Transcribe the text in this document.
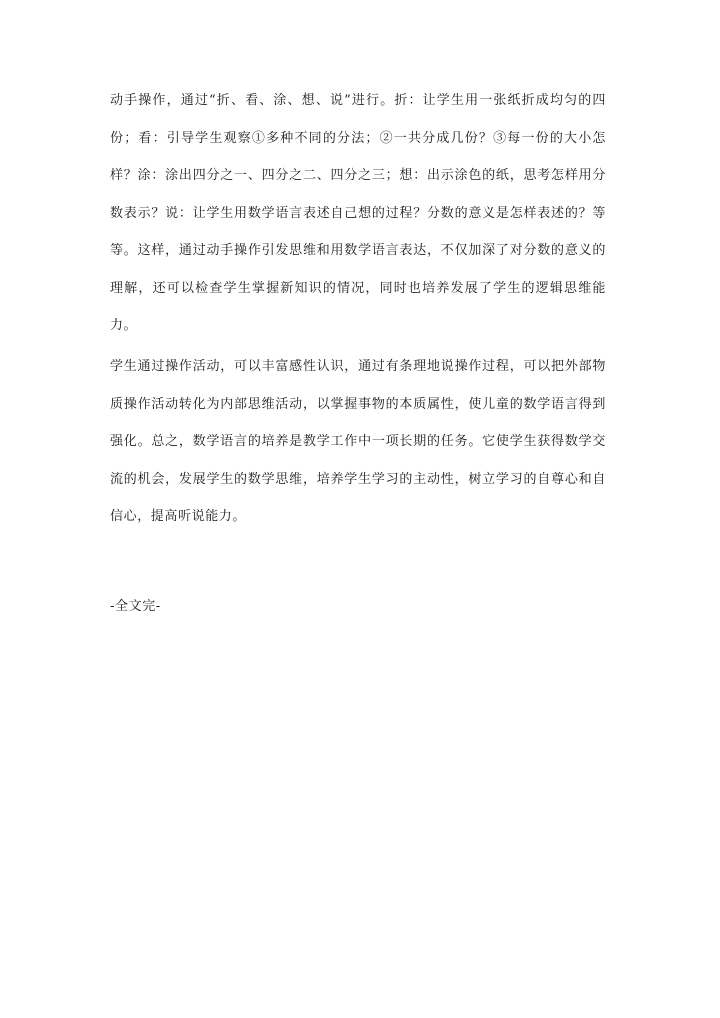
动手操作，通过“折、看、涂、想、说”进行。折：让学生用一张纸折成均匀的四份；看：引导学生观察①多种不同的分法；②一共分成几份？③每一份的大小怎样？涂：涂出四分之一、四分之二、四分之三；想：出示涂色的纸，思考怎样用分数表示？说：让学生用数学语言表述自己想的过程？分数的意义是怎样表述的？等等。这样，通过动手操作引发思维和用数学语言表达，不仅加深了对分数的意义的理解，还可以检查学生掌握新知识的情况，同时也培养发展了学生的逻辑思维能力。

学生通过操作活动，可以丰富感性认识，通过有条理地说操作过程，可以把外部物质操作活动转化为内部思维活动，以掌握事物的本质属性，使儿童的数学语言得到强化。总之，数学语言的培养是教学工作中一项长期的任务。它使学生获得数学交流的机会，发展学生的数学思维，培养学生学习的主动性，树立学习的自尊心和自信心，提高听说能力。

-全文完-
